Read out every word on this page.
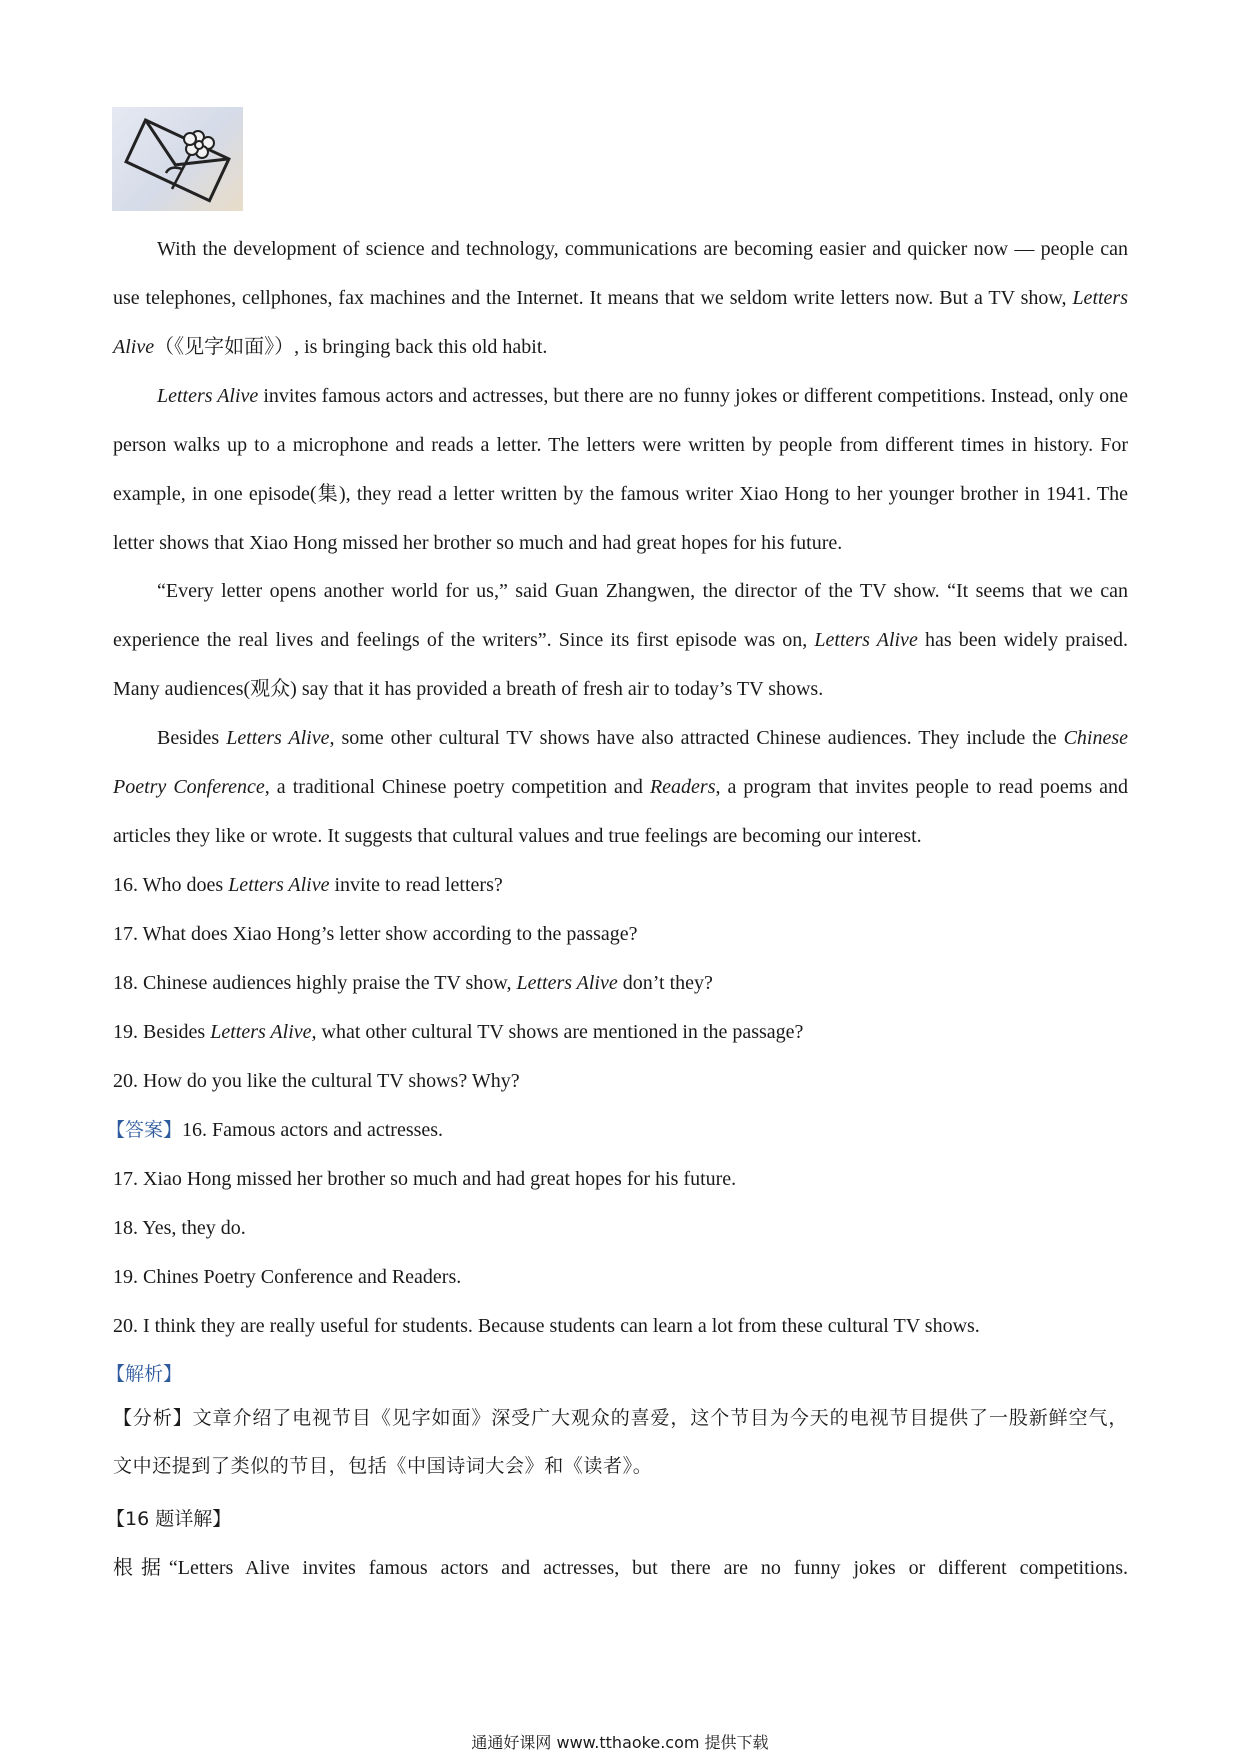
With the development of science and technology, communications are becoming easier and quicker now — people can use telephones, cellphones, fax machines and the Internet. It means that we seldom write letters now. But a TV show, Letters Alive（《见字如面》）, is bringing back this old habit.
Letters Alive invites famous actors and actresses, but there are no funny jokes or different competitions. Instead, only one person walks up to a microphone and reads a letter. The letters were written by people from different times in history. For example, in one episode(集), they read a letter written by the famous writer Xiao Hong to her younger brother in 1941. The letter shows that Xiao Hong missed her brother so much and had great hopes for his future.
“Every letter opens another world for us,” said Guan Zhangwen, the director of the TV show. “It seems that we can experience the real lives and feelings of the writers”. Since its first episode was on, Letters Alive has been widely praised. Many audiences(观众) say that it has provided a breath of fresh air to today’s TV shows.
Besides Letters Alive, some other cultural TV shows have also attracted Chinese audiences. They include the Chinese Poetry Conference, a traditional Chinese poetry competition and Readers, a program that invites people to read poems and articles they like or wrote. It suggests that cultural values and true feelings are becoming our interest.
16. Who does Letters Alive invite to read letters?
17. What does Xiao Hong’s letter show according to the passage?
18. Chinese audiences highly praise the TV show, Letters Alive don’t they?
19. Besides Letters Alive, what other cultural TV shows are mentioned in the passage?
20. How do you like the cultural TV shows? Why?
【答案】16. Famous actors and actresses.
17. Xiao Hong missed her brother so much and had great hopes for his future.
18. Yes, they do.
19. Chines Poetry Conference and Readers.
20. I think they are really useful for students. Because students can learn a lot from these cultural TV shows.
【解析】
【分析】文章介绍了电视节目《见字如面》深受广大观众的喜爱，这个节目为今天的电视节目提供了一股新鲜空气，文中还提到了类似的节目，包括《中国诗词大会》和《读者》。
【16 题详解】
根据“Letters Alive invites famous actors and actresses, but there are no funny jokes or different competitions.
通通好课网 www.tthaoke.com 提供下载
